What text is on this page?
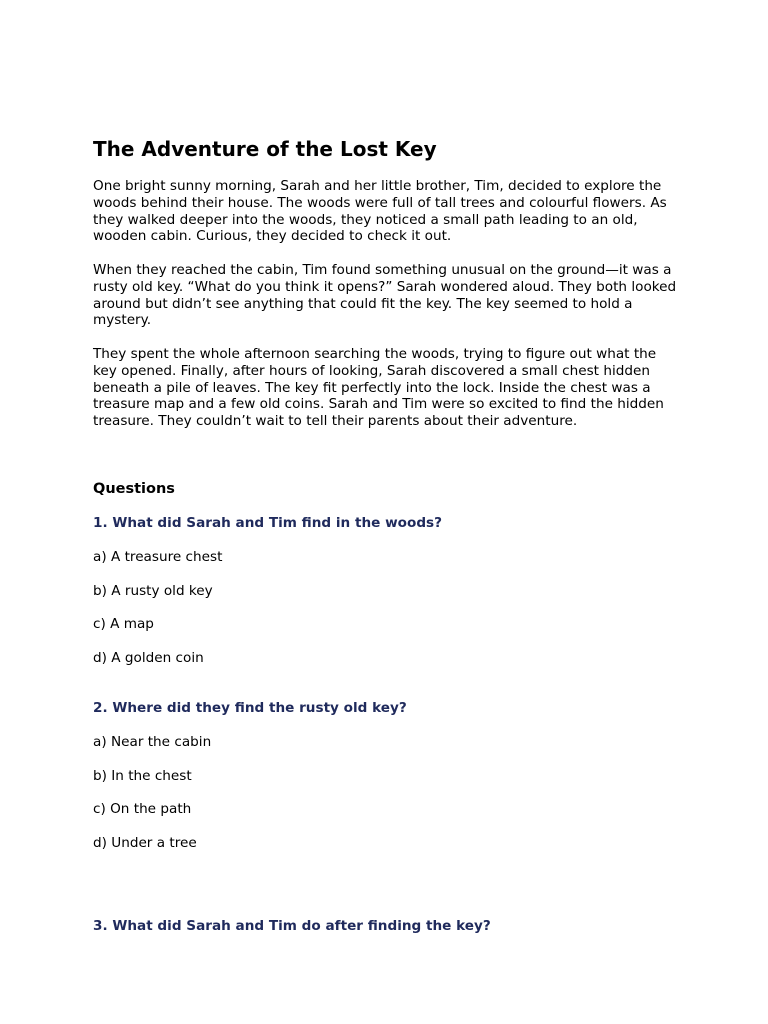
The Adventure of the Lost Key

One bright sunny morning, Sarah and her little brother, Tim, decided to explore the woods behind their house. The woods were full of tall trees and colourful flowers. As they walked deeper into the woods, they noticed a small path leading to an old, wooden cabin. Curious, they decided to check it out.

When they reached the cabin, Tim found something unusual on the ground—it was a rusty old key. “What do you think it opens?” Sarah wondered aloud. They both looked around but didn’t see anything that could fit the key. The key seemed to hold a mystery.

They spent the whole afternoon searching the woods, trying to figure out what the key opened. Finally, after hours of looking, Sarah discovered a small chest hidden beneath a pile of leaves. The key fit perfectly into the lock. Inside the chest was a treasure map and a few old coins. Sarah and Tim were so excited to find the hidden treasure. They couldn’t wait to tell their parents about their adventure.

Questions

1. What did Sarah and Tim find in the woods?

a) A treasure chest

b) A rusty old key

c) A map

d) A golden coin

2. Where did they find the rusty old key?

a) Near the cabin

b) In the chest

c) On the path

d) Under a tree

3. What did Sarah and Tim do after finding the key?
